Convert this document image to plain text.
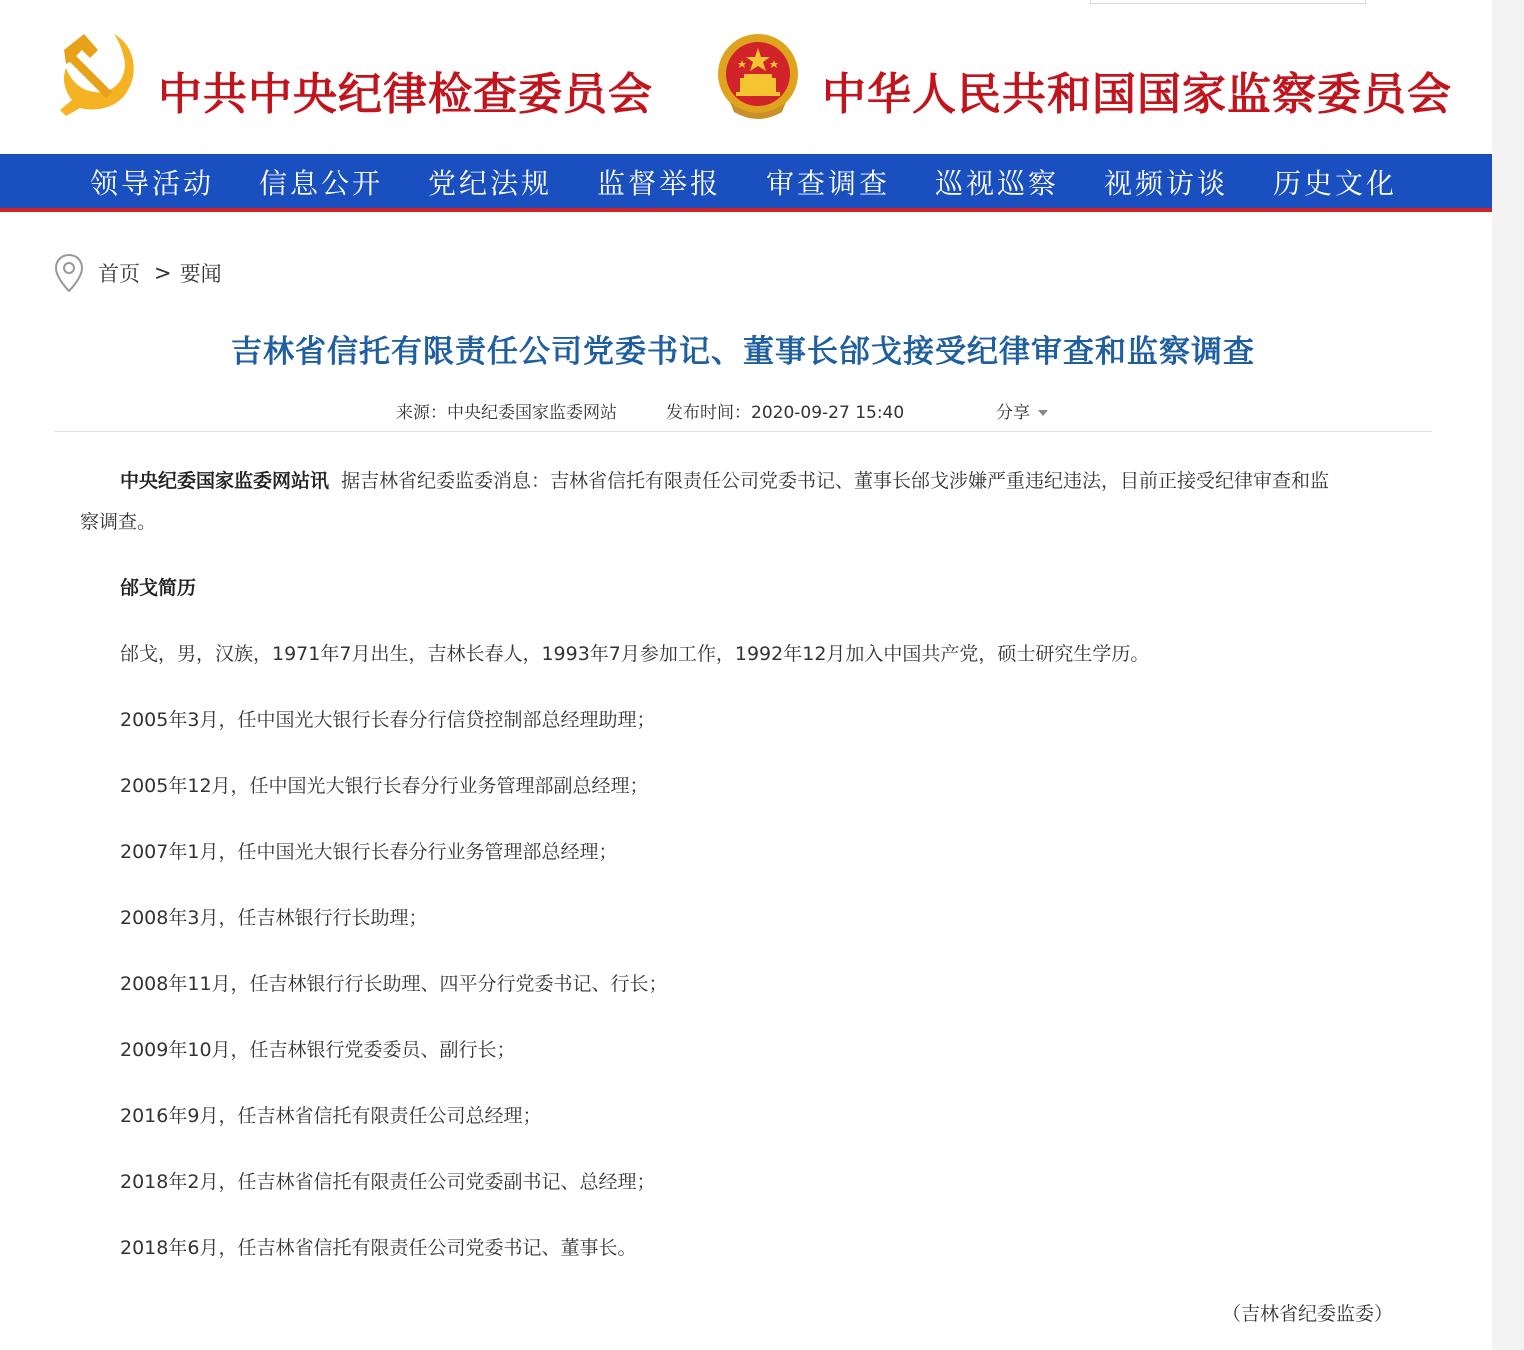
中共中央纪律检查委员会	中华人民共和国国家监察委员会
领导活动 信息公开 党纪法规 监督举报 审查调查 巡视巡察 视频访谈 历史文化
首页 > 要闻
吉林省信托有限责任公司党委书记、董事长邰戈接受纪律审查和监察调查
来源：中央纪委国家监委网站	发布时间：2020-09-27 15:40	分享
中央纪委国家监委网站讯 据吉林省纪委监委消息：吉林省信托有限责任公司党委书记、董事长邰戈涉嫌严重违纪违法，目前正接受纪律审查和监
察调查。
邰戈简历
邰戈，男，汉族，1971年7月出生，吉林长春人，1993年7月参加工作，1992年12月加入中国共产党，硕士研究生学历。
2005年3月，任中国光大银行长春分行信贷控制部总经理助理；
2005年12月，任中国光大银行长春分行业务管理部副总经理；
2007年1月，任中国光大银行长春分行业务管理部总经理；
2008年3月，任吉林银行行长助理；
2008年11月，任吉林银行行长助理、四平分行党委书记、行长；
2009年10月，任吉林银行党委委员、副行长；
2016年9月，任吉林省信托有限责任公司总经理；
2018年2月，任吉林省信托有限责任公司党委副书记、总经理；
2018年6月，任吉林省信托有限责任公司党委书记、董事长。
（吉林省纪委监委）
